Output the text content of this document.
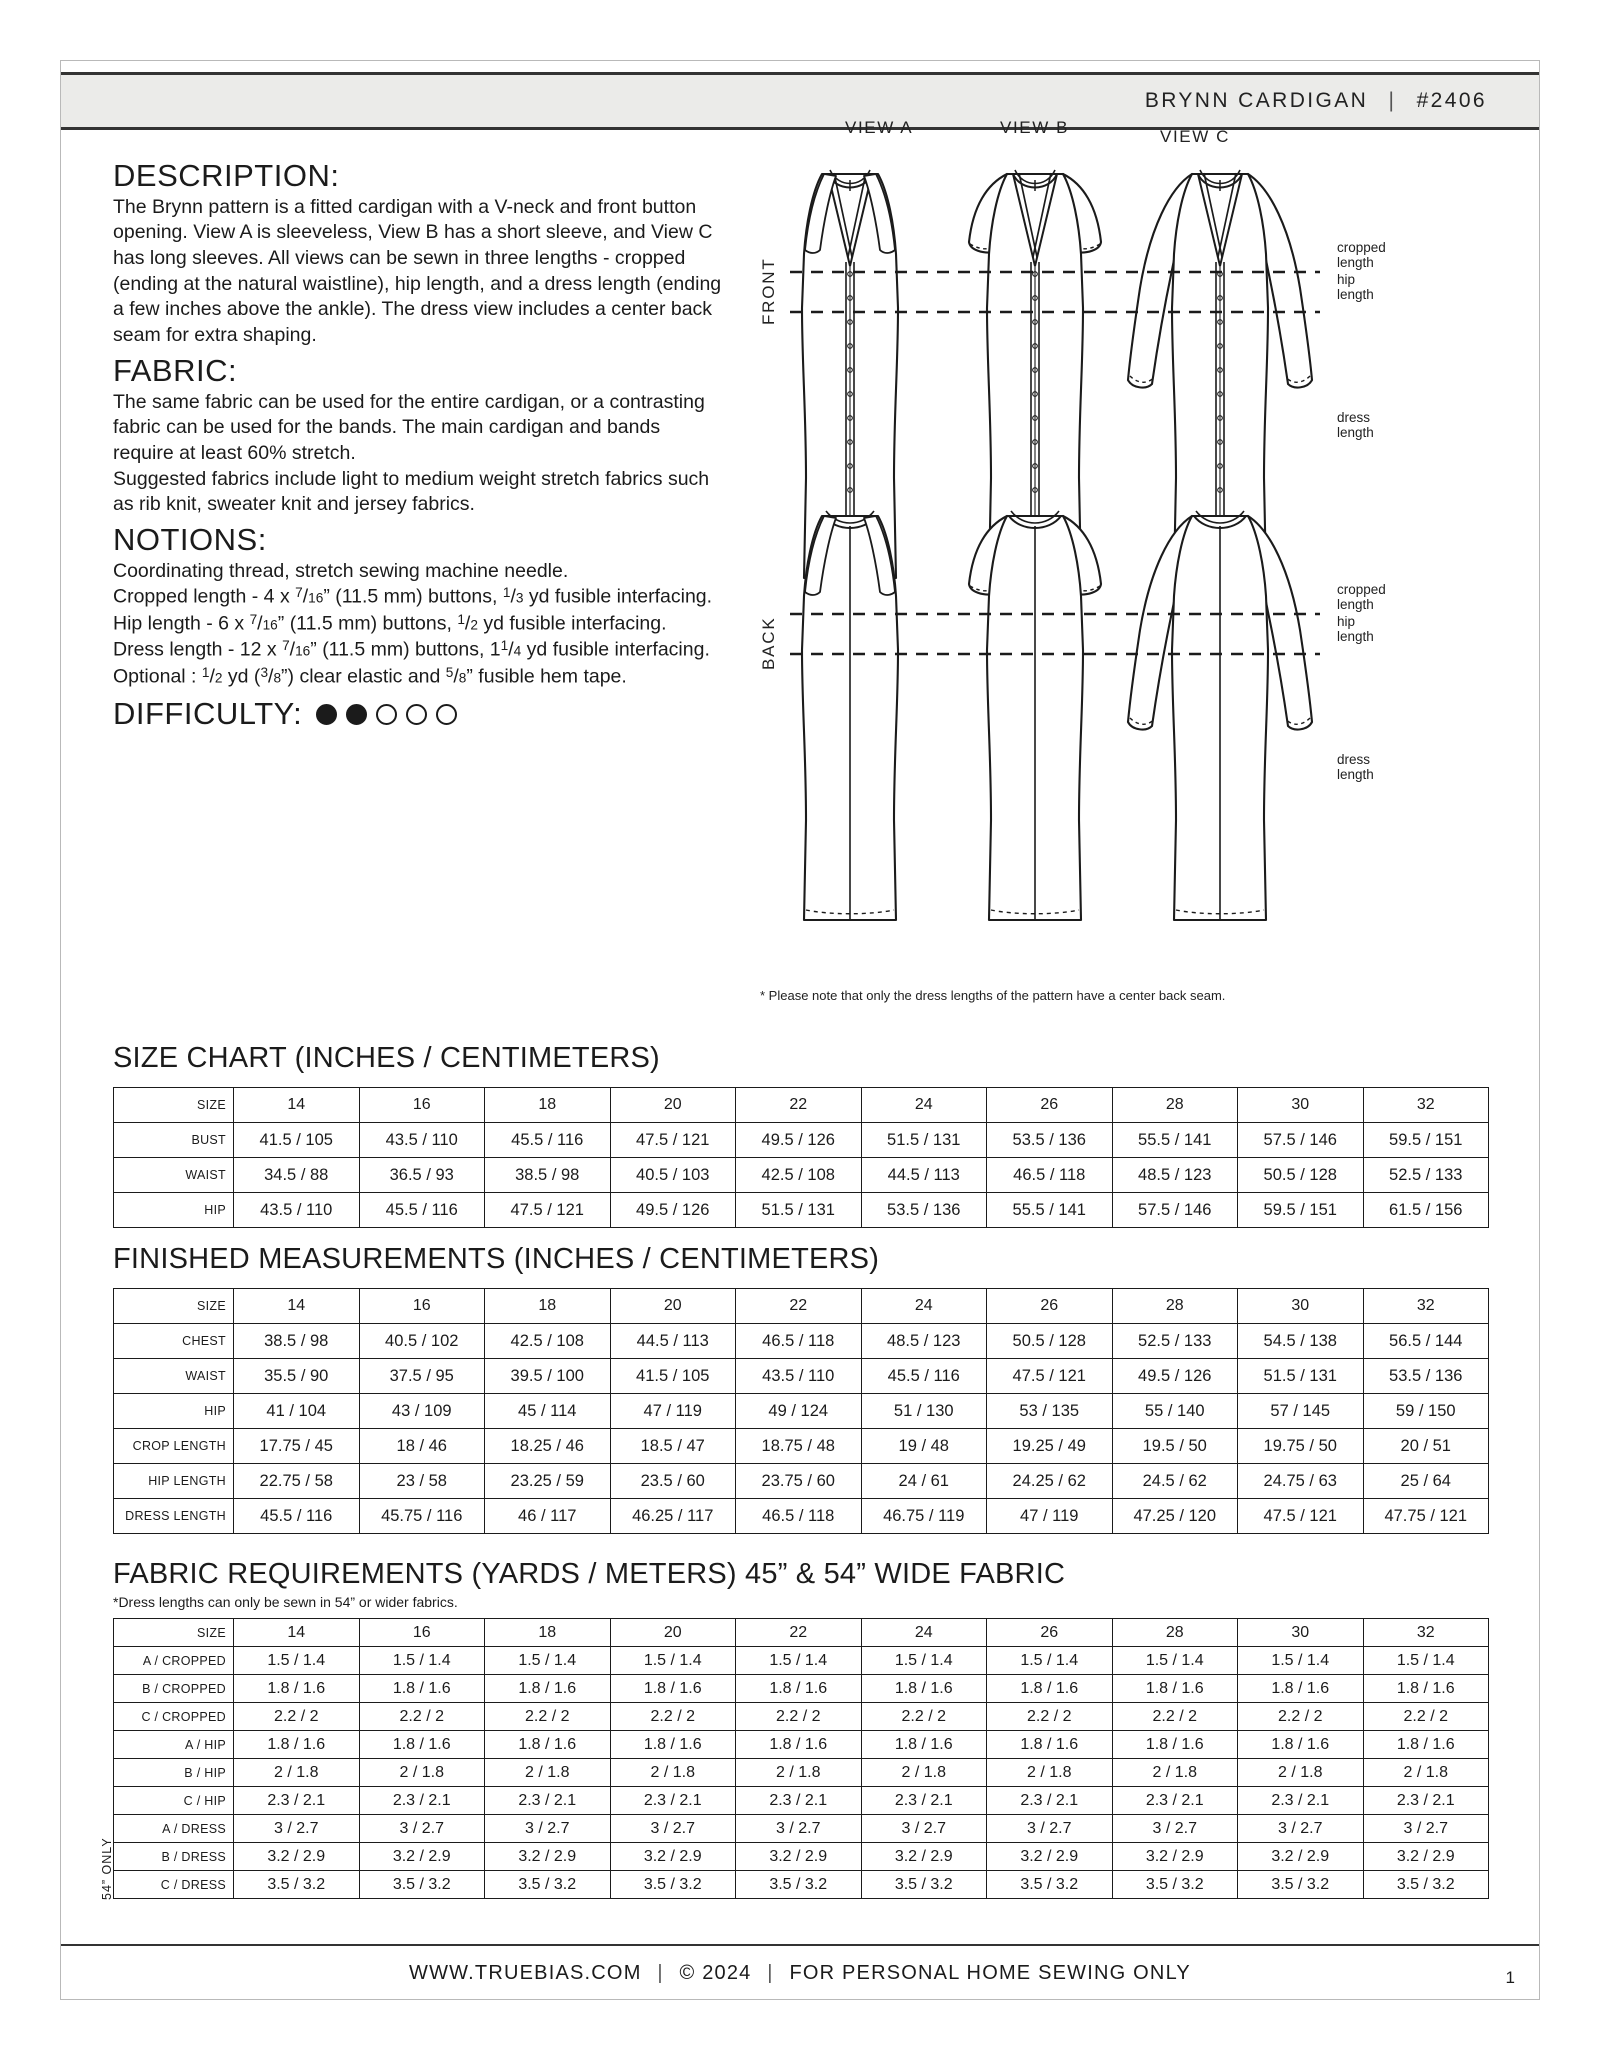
BRYNN CARDIGAN | #2406
DESCRIPTION:

The Brynn pattern is a fitted cardigan with a V-neck and front button opening. View A is sleeveless, View B has a short sleeve, and View C has long sleeves. All views can be sewn in three lengths - cropped (ending at the natural waistline), hip length, and a dress length (ending a few inches above the ankle). The dress view includes a center back seam for extra shaping.

FABRIC:

The same fabric can be used for the entire cardigan, or a contrasting fabric can be used for the bands. The main cardigan and bands require at least 60% stretch.

Suggested fabrics include light to medium weight stretch fabrics such as rib knit, sweater knit and jersey fabrics.

NOTIONS:

Coordinating thread, stretch sewing machine needle.

Cropped length - 4 x $^7$/16” (11.5 mm) buttons, $^1$/3 yd fusible interfacing.

Hip length - 6 x $^7$/16” (11.5 mm) buttons, $^1$/2 yd fusible interfacing.

Dress length - 12 x $^7$/16” (11.5 mm) buttons, $1^1/4$ yd fusible interfacing.

Optional : $^1$/2 yd ($^3$/8”) clear elastic and $^5$/8” fusible hem tape.

DIFFICULTY:
VIEW A	VIEW B	VIEW C
FRONT
BACK
cropped
length
hip
length
dress
length
cropped
length
hip
length
dress
length
* Please note that only the dress lengths of the pattern have a center back seam.
SIZE CHART (INCHES / CENTIMETERS)
SIZE	14	16	18	20	22	24	26	28	30	32
BUST	41.5 / 105	43.5 / 110	45.5 / 116	47.5 / 121	49.5 / 126	51.5 / 131	53.5 / 136	55.5 / 141	57.5 / 146	59.5 / 151
WAIST	34.5 / 88	36.5 / 93	38.5 / 98	40.5 / 103	42.5 / 108	44.5 / 113	46.5 / 118	48.5 / 123	50.5 / 128	52.5 / 133
HIP	43.5 / 110	45.5 / 116	47.5 / 121	49.5 / 126	51.5 / 131	53.5 / 136	55.5 / 141	57.5 / 146	59.5 / 151	61.5 / 156
FINISHED MEASUREMENTS (INCHES / CENTIMETERS)
SIZE	14	16	18	20	22	24	26	28	30	32
CHEST	38.5 / 98	40.5 / 102	42.5 / 108	44.5 / 113	46.5 / 118	48.5 / 123	50.5 / 128	52.5 / 133	54.5 / 138	56.5 / 144
WAIST	35.5 / 90	37.5 / 95	39.5 / 100	41.5 / 105	43.5 / 110	45.5 / 116	47.5 / 121	49.5 / 126	51.5 / 131	53.5 / 136
HIP	41 / 104	43 / 109	45 / 114	47 / 119	49 / 124	51 / 130	53 / 135	55 / 140	57 / 145	59 / 150
CROP LENGTH	17.75 / 45	18 / 46	18.25 / 46	18.5 / 47	18.75 / 48	19 / 48	19.25 / 49	19.5 / 50	19.75 / 50	20 / 51
HIP LENGTH	22.75 / 58	23 / 58	23.25 / 59	23.5 / 60	23.75 / 60	24 / 61	24.25 / 62	24.5 / 62	24.75 / 63	25 / 64
DRESS LENGTH	45.5 / 116	45.75 / 116	46 / 117	46.25 / 117	46.5 / 118	46.75 / 119	47 / 119	47.25 / 120	47.5 / 121	47.75 / 121
FABRIC REQUIREMENTS (YARDS / METERS) 45” & 54” WIDE FABRIC
*Dress lengths can only be sewn in 54” or wider fabrics.
SIZE	14	16	18	20	22	24	26	28	30	32
A / CROPPED	1.5 / 1.4	1.5 / 1.4	1.5 / 1.4	1.5 / 1.4	1.5 / 1.4	1.5 / 1.4	1.5 / 1.4	1.5 / 1.4	1.5 / 1.4	1.5 / 1.4
B / CROPPED	1.8 / 1.6	1.8 / 1.6	1.8 / 1.6	1.8 / 1.6	1.8 / 1.6	1.8 / 1.6	1.8 / 1.6	1.8 / 1.6	1.8 / 1.6	1.8 / 1.6
C / CROPPED	2.2 / 2	2.2 / 2	2.2 / 2	2.2 / 2	2.2 / 2	2.2 / 2	2.2 / 2	2.2 / 2	2.2 / 2	2.2 / 2
A / HIP	1.8 / 1.6	1.8 / 1.6	1.8 / 1.6	1.8 / 1.6	1.8 / 1.6	1.8 / 1.6	1.8 / 1.6	1.8 / 1.6	1.8 / 1.6	1.8 / 1.6
B / HIP	2 / 1.8	2 / 1.8	2 / 1.8	2 / 1.8	2 / 1.8	2 / 1.8	2 / 1.8	2 / 1.8	2 / 1.8	2 / 1.8
C / HIP	2.3 / 2.1	2.3 / 2.1	2.3 / 2.1	2.3 / 2.1	2.3 / 2.1	2.3 / 2.1	2.3 / 2.1	2.3 / 2.1	2.3 / 2.1	2.3 / 2.1
A / DRESS	3 / 2.7	3 / 2.7	3 / 2.7	3 / 2.7	3 / 2.7	3 / 2.7	3 / 2.7	3 / 2.7	3 / 2.7	3 / 2.7
B / DRESS	3.2 / 2.9	3.2 / 2.9	3.2 / 2.9	3.2 / 2.9	3.2 / 2.9	3.2 / 2.9	3.2 / 2.9	3.2 / 2.9	3.2 / 2.9	3.2 / 2.9
C / DRESS	3.5 / 3.2	3.5 / 3.2	3.5 / 3.2	3.5 / 3.2	3.5 / 3.2	3.5 / 3.2	3.5 / 3.2	3.5 / 3.2	3.5 / 3.2	3.5 / 3.2
54” ONLY
WWW.TRUEBIAS.COM | © 2024 | FOR PERSONAL HOME SEWING ONLY	1
